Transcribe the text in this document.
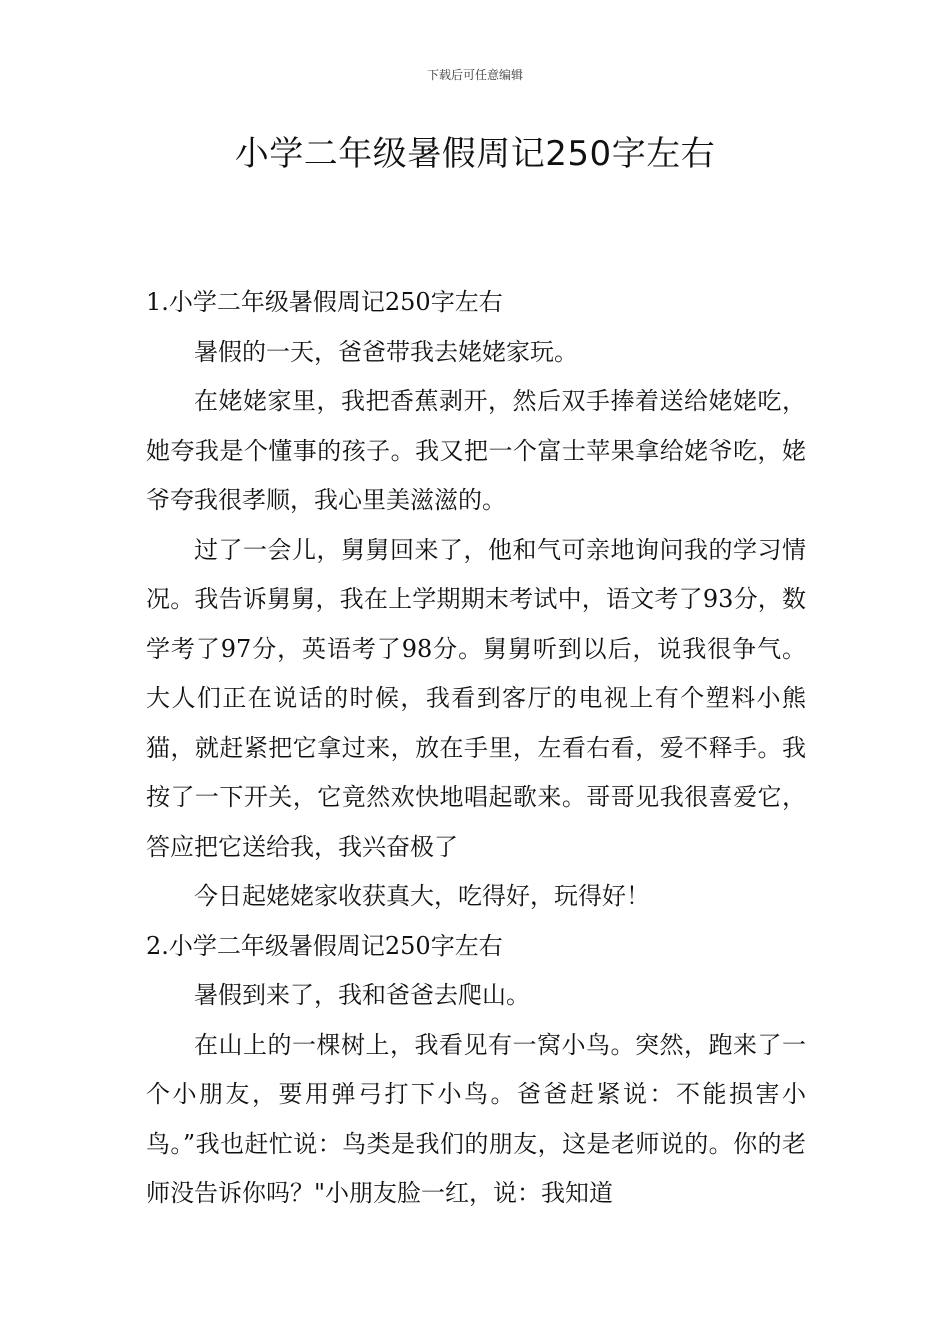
下载后可任意编辑
小学二年级暑假周记250字左右
1.小学二年级暑假周记250字左右

暑假的一天，爸爸带我去姥姥家玩。

在姥姥家里，我把香蕉剥开，然后双手捧着送给姥姥吃，她夸我是个懂事的孩子。我又把一个富士苹果拿给姥爷吃，姥爷夸我很孝顺，我心里美滋滋的。

过了一会儿，舅舅回来了，他和气可亲地询问我的学习情况。我告诉舅舅，我在上学期期末考试中，语文考了93分，数学考了97分，英语考了98分。舅舅听到以后，说我很争气。大人们正在说话的时候，我看到客厅的电视上有个塑料小熊猫，就赶紧把它拿过来，放在手里，左看右看，爱不释手。我按了一下开关，它竟然欢快地唱起歌来。哥哥见我很喜爱它，答应把它送给我，我兴奋极了

今日起姥姥家收获真大，吃得好，玩得好！

2.小学二年级暑假周记250字左右

暑假到来了，我和爸爸去爬山。

在山上的一棵树上，我看见有一窝小鸟。突然，跑来了一个小朋友，要用弹弓打下小鸟。爸爸赶紧说：不能损害小鸟。”我也赶忙说：鸟类是我们的朋友，这是老师说的。你的老师没告诉你吗？"小朋友脸一红，说：我知道
